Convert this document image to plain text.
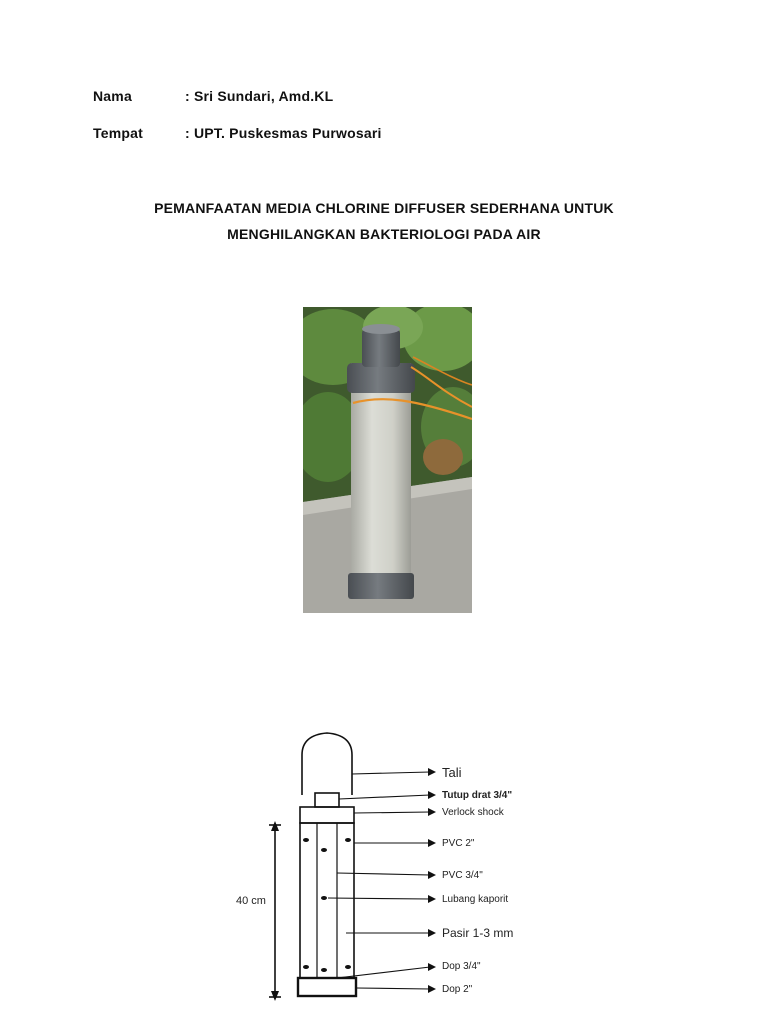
Nama	: Sri Sundari, Amd.KL
Tempat	: UPT. Puskesmas Purwosari
PEMANFAATAN MEDIA CHLORINE DIFFUSER SEDERHANA UNTUK
MENGHILANGKAN BAKTERIOLOGI PADA AIR
40 cm
Tali
Tutup drat 3/4"
Verlock shock
PVC 2"
PVC 3/4"
Lubang kaporit
Pasir 1-3 mm
Dop 3/4"
Dop 2"
